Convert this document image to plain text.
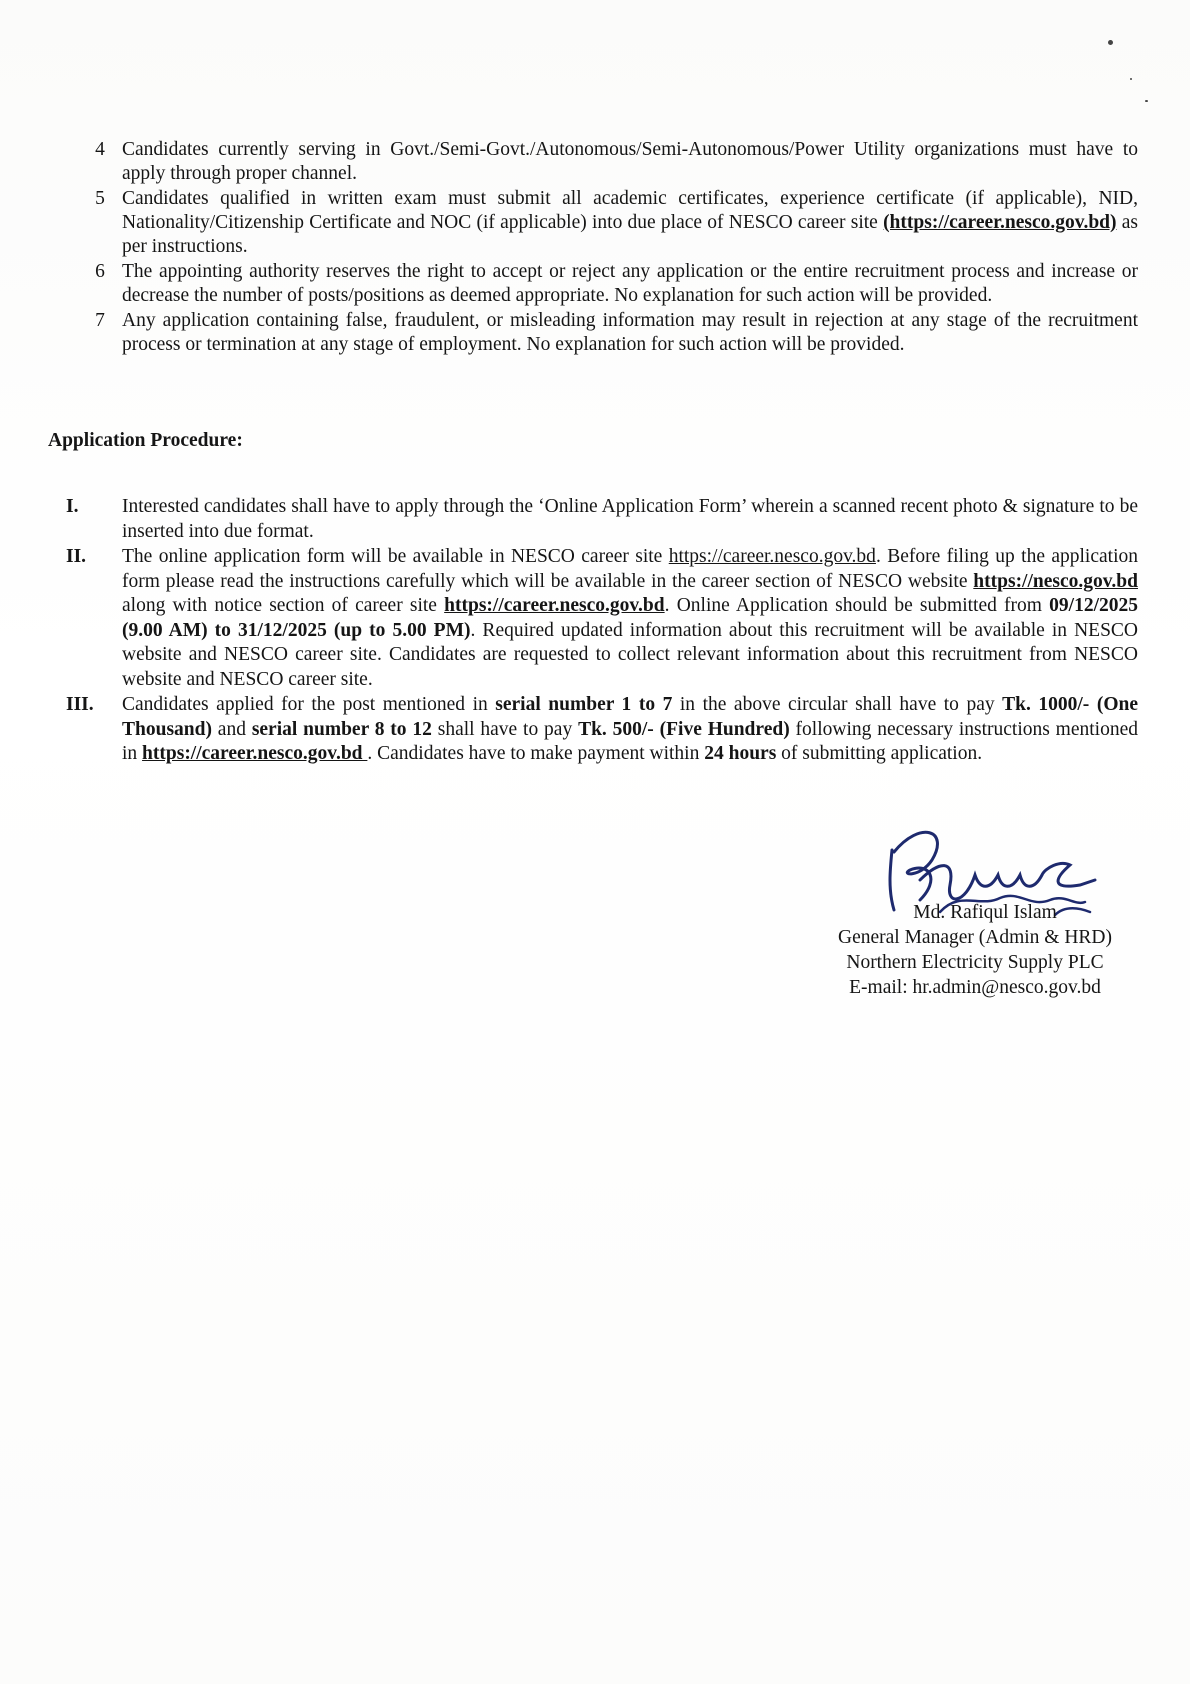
4 Candidates currently serving in Govt./Semi-Govt./Autonomous/Semi-Autonomous/Power Utility organizations must have to apply through proper channel.
5 Candidates qualified in written exam must submit all academic certificates, experience certificate (if applicable), NID, Nationality/Citizenship Certificate and NOC (if applicable) into due place of NESCO career site (https://career.nesco.gov.bd) as per instructions.
6 The appointing authority reserves the right to accept or reject any application or the entire recruitment process and increase or decrease the number of posts/positions as deemed appropriate. No explanation for such action will be provided.
7 Any application containing false, fraudulent, or misleading information may result in rejection at any stage of the recruitment process or termination at any stage of employment. No explanation for such action will be provided.
Application Procedure:
I.	Interested candidates shall have to apply through the ‘Online Application Form’ wherein a scanned recent photo & signature to be inserted into due format.
II.	The online application form will be available in NESCO career site https://career.nesco.gov.bd. Before filing up the application form please read the instructions carefully which will be available in the career section of NESCO website https://nesco.gov.bd along with notice section of career site https://career.nesco.gov.bd. Online Application should be submitted from 09/12/2025 (9.00 AM) to 31/12/2025 (up to 5.00 PM). Required updated information about this recruitment will be available in NESCO website and NESCO career site. Candidates are requested to collect relevant information about this recruitment from NESCO website and NESCO career site.
III.	Candidates applied for the post mentioned in serial number 1 to 7 in the above circular shall have to pay Tk. 1000/- (One Thousand) and serial number 8 to 12 shall have to pay Tk. 500/- (Five Hundred) following necessary instructions mentioned in https://career.nesco.gov.bd . Candidates have to make payment within 24 hours of submitting application.
Md. Rafiqul Islam
General Manager (Admin & HRD)
Northern Electricity Supply PLC
E-mail: hr.admin@nesco.gov.bd
